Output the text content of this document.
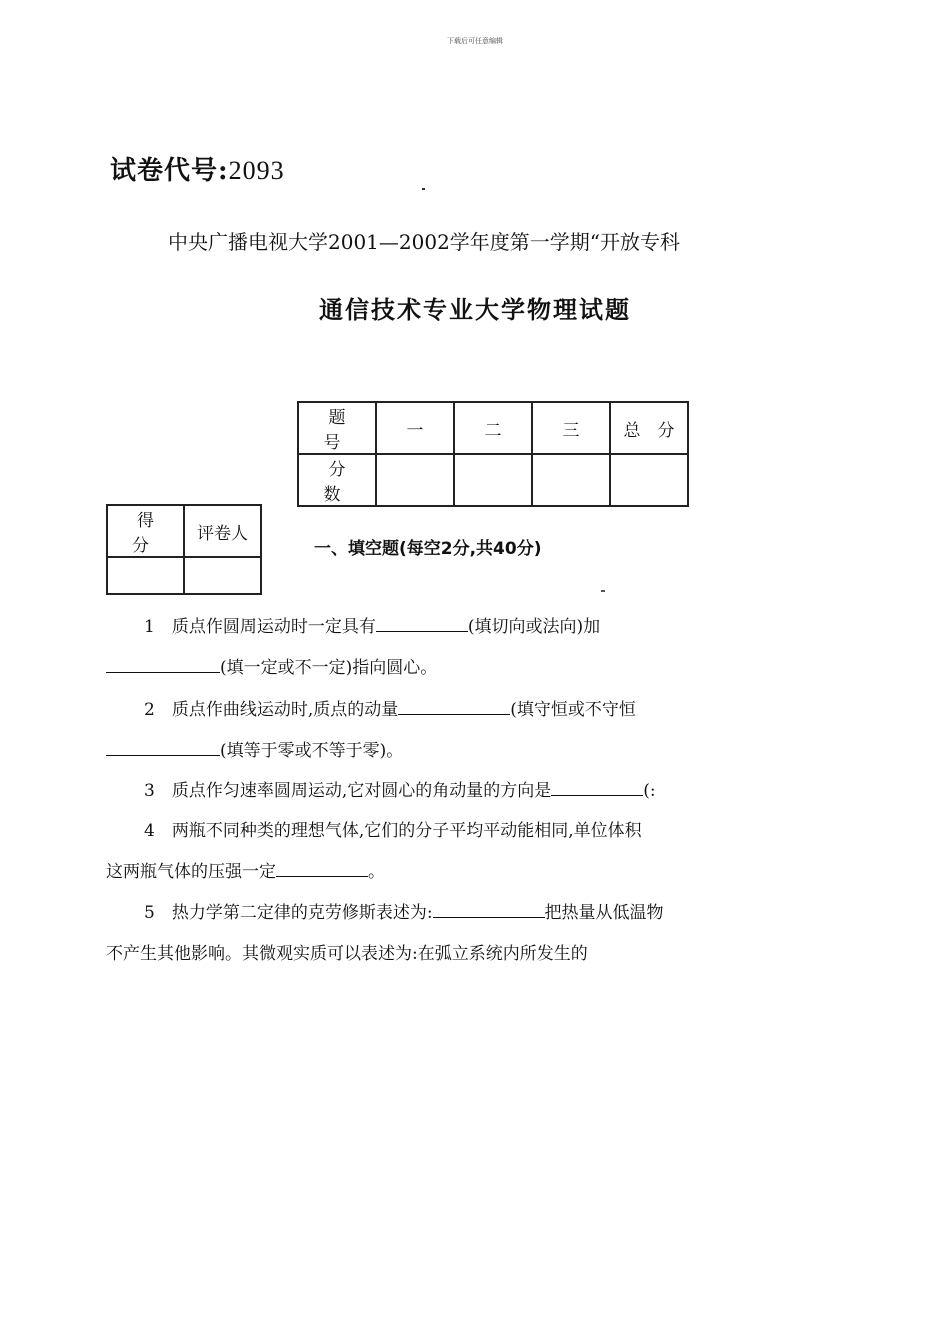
下载后可任意编辑
试卷代号:2093
中央广播电视大学2001—2002学年度第一学期“开放专科
通信技术专业大学物理试题
题　号	一	二	三	总　分
分　数				
得　分	评卷人

一、填空题(每空2分,共40分)
1　质点作圆周运动时一定具有	(填切向或法向)加
(填一定或不一定)指向圆心。
2　质点作曲线运动时,质点的动量	(填守恒或不守恒
(填等于零或不等于零)。
3　质点作匀速率圆周运动,它对圆心的角动量的方向是	(:
4　两瓶不同种类的理想气体,它们的分子平均平动能相同,单位体积
这两瓶气体的压强一定	。
5　热力学第二定律的克劳修斯表述为:	把热量从低温物
不产生其他影响。其微观实质可以表述为:在弧立系统内所发生的
